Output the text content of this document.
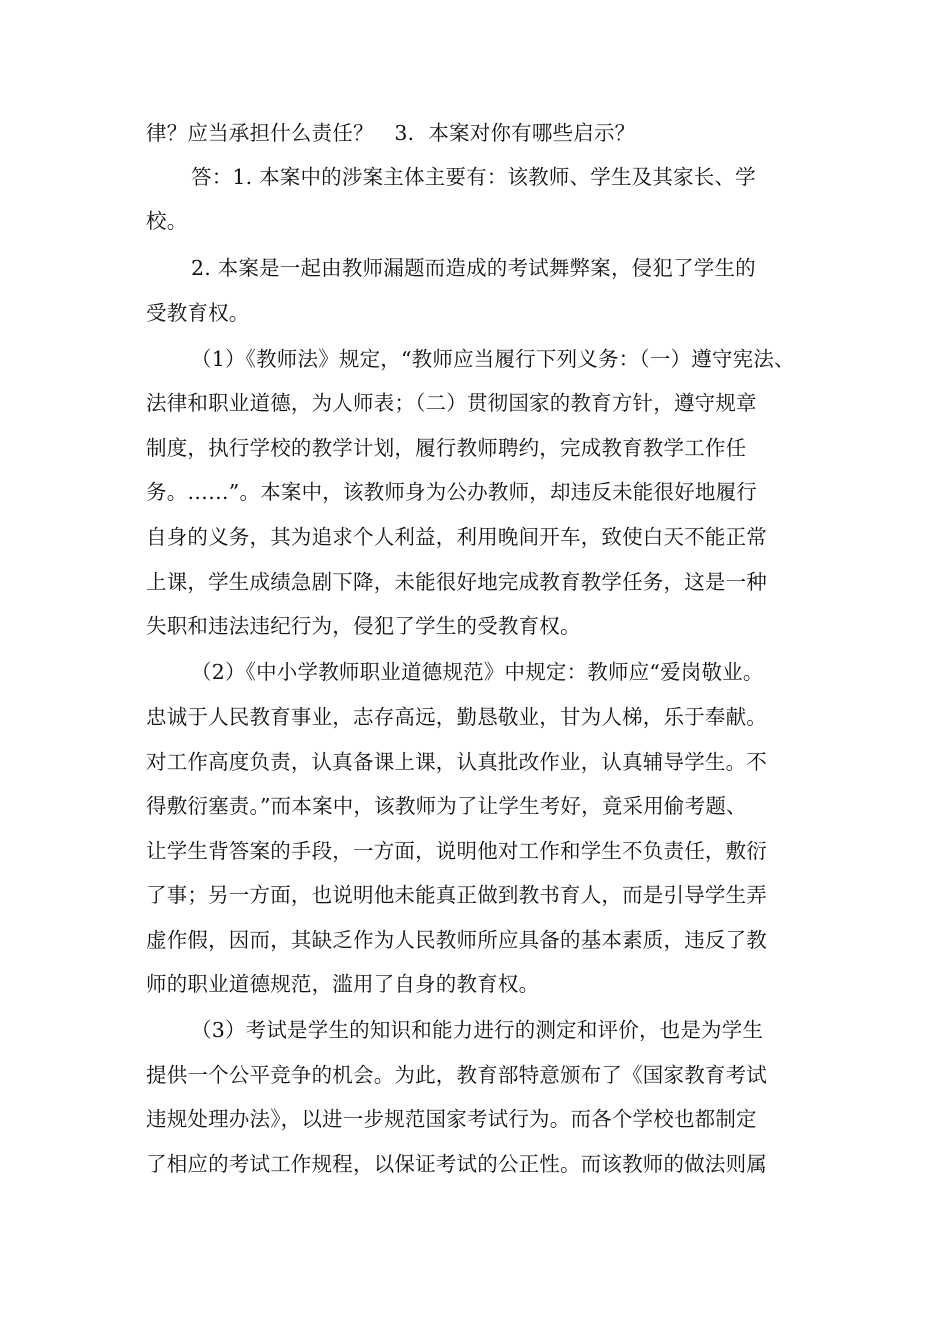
律？应当承担什么责任？　3．本案对你有哪些启示？
答：1. 本案中的涉案主体主要有：该教师、学生及其家长、学
校。
2. 本案是一起由教师漏题而造成的考试舞弊案，侵犯了学生的
受教育权。
（1）《教师法》规定，“教师应当履行下列义务：（一）遵守宪法、
法律和职业道德，为人师表；（二）贯彻国家的教育方针，遵守规章
制度，执行学校的教学计划，履行教师聘约，完成教育教学工作任
务。……”。本案中，该教师身为公办教师，却违反未能很好地履行
自身的义务，其为追求个人利益，利用晚间开车，致使白天不能正常
上课，学生成绩急剧下降，未能很好地完成教育教学任务，这是一种
失职和违法违纪行为，侵犯了学生的受教育权。
（2）《中小学教师职业道德规范》中规定：教师应“爱岗敬业。
忠诚于人民教育事业，志存高远，勤恳敬业，甘为人梯，乐于奉献。
对工作高度负责，认真备课上课，认真批改作业，认真辅导学生。不
得敷衍塞责。”而本案中，该教师为了让学生考好，竟采用偷考题、
让学生背答案的手段，一方面，说明他对工作和学生不负责任，敷衍
了事；另一方面，也说明他未能真正做到教书育人，而是引导学生弄
虚作假，因而，其缺乏作为人民教师所应具备的基本素质，违反了教
师的职业道德规范，滥用了自身的教育权。
（3）考试是学生的知识和能力进行的测定和评价，也是为学生
提供一个公平竞争的机会。为此，教育部特意颁布了《国家教育考试
违规处理办法》，以进一步规范国家考试行为。而各个学校也都制定
了相应的考试工作规程，以保证考试的公正性。而该教师的做法则属
